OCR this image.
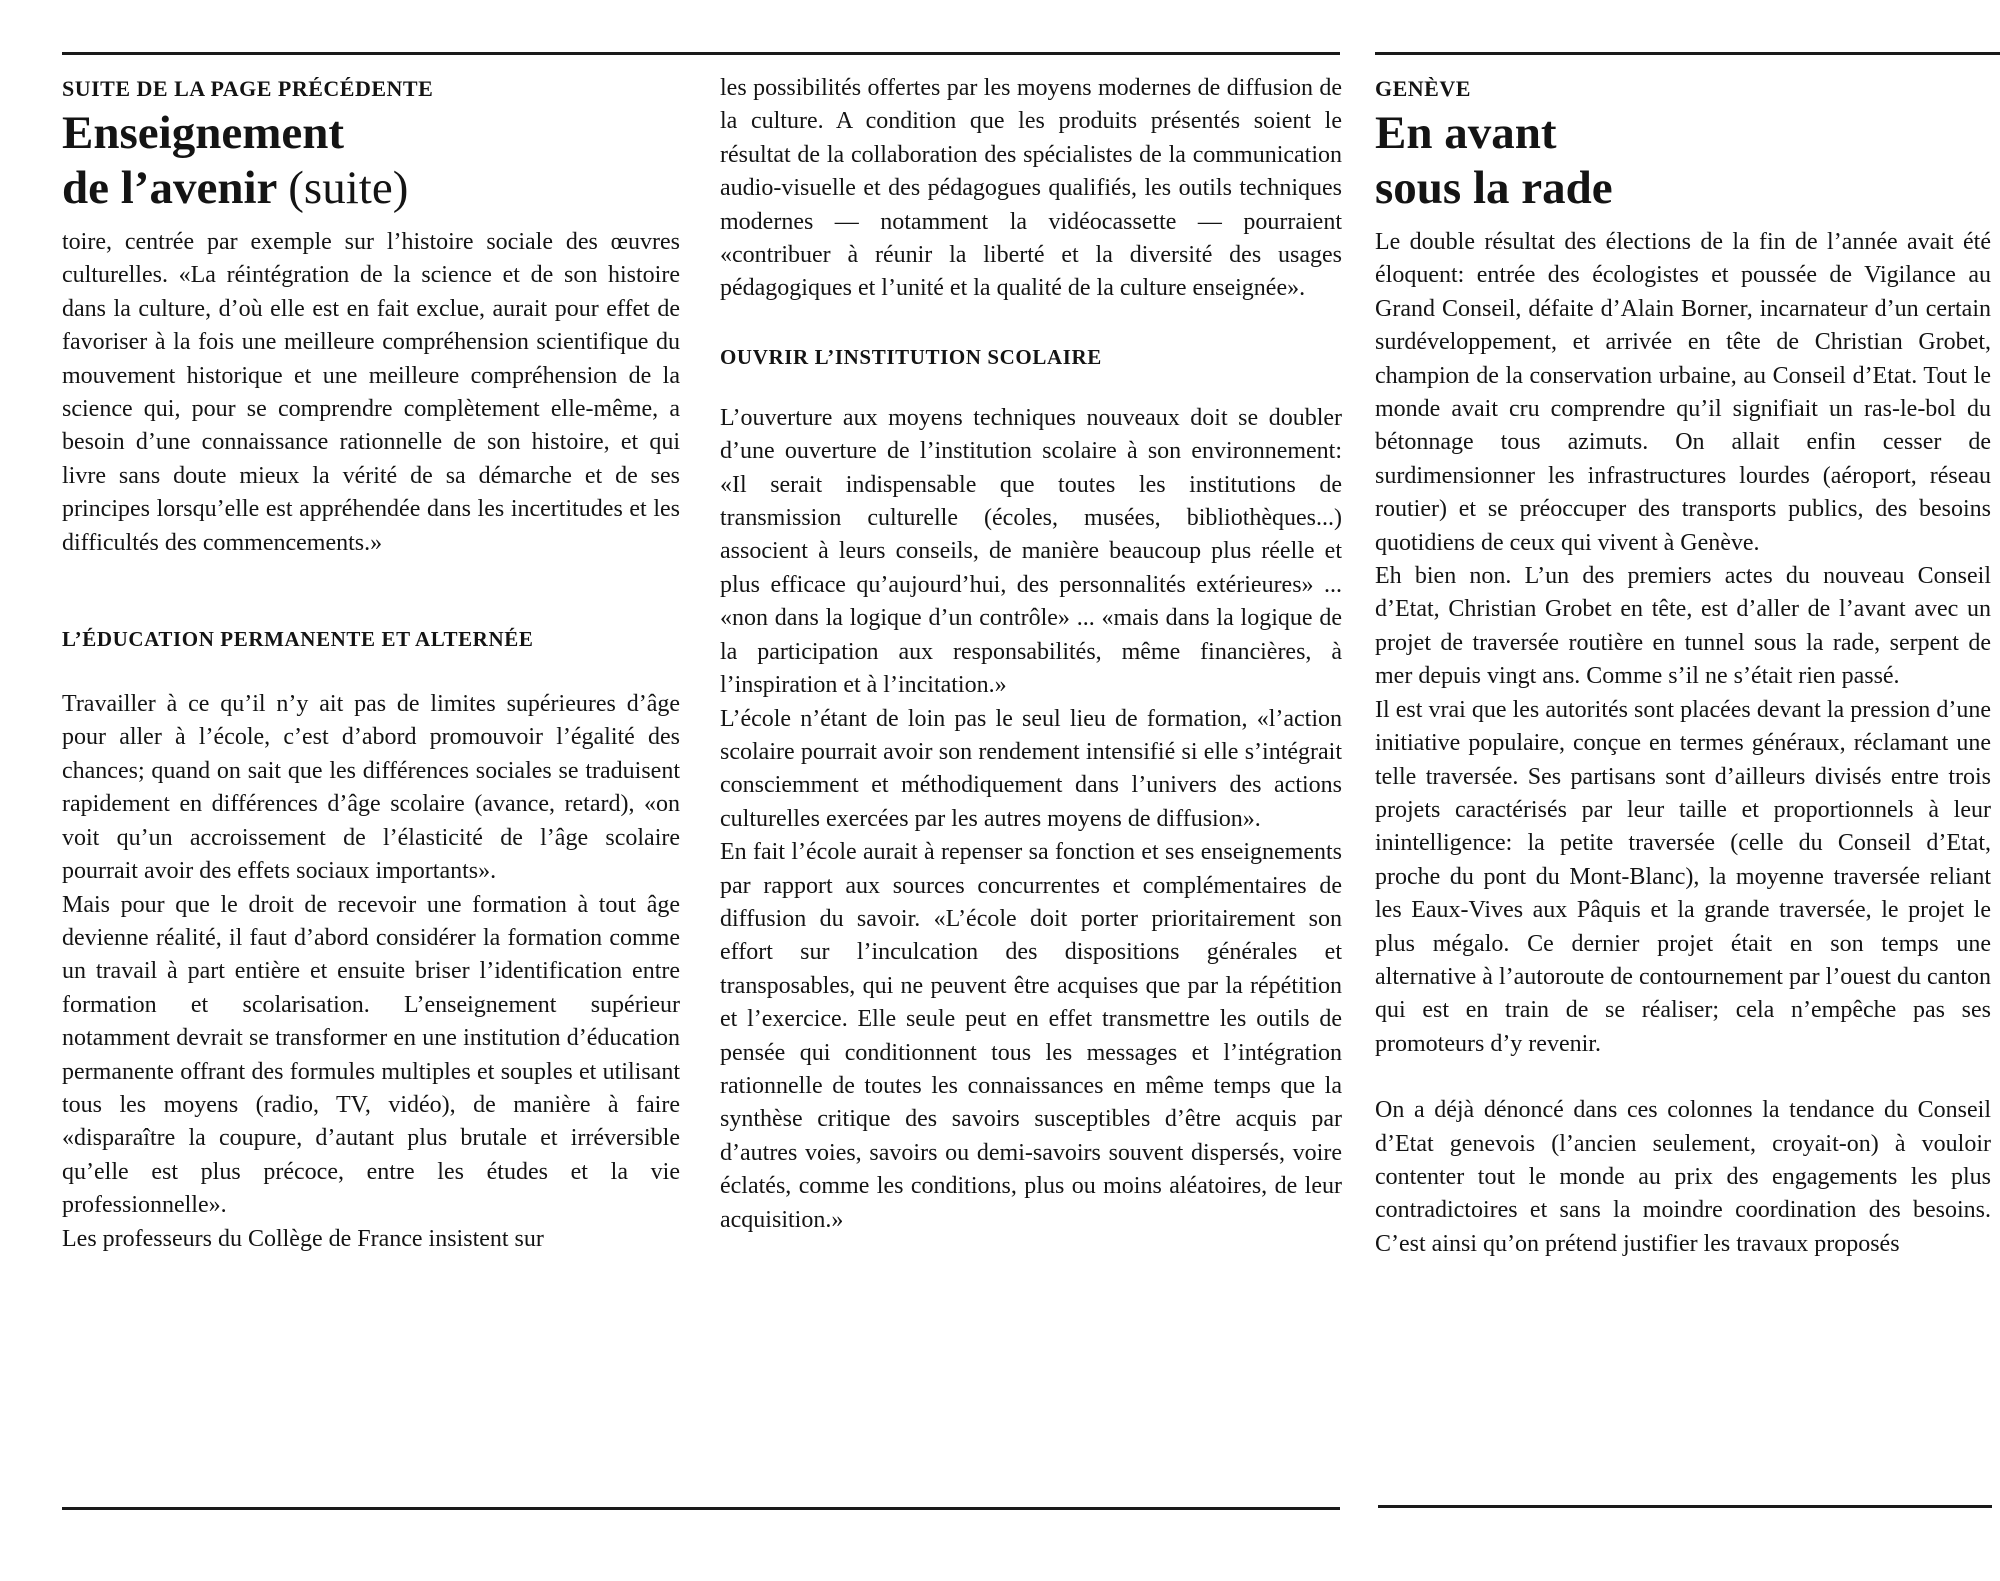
SUITE DE LA PAGE PRÉCÉDENTE

Enseignement
de l’avenir (suite)

toire, centrée par exemple sur l’histoire sociale des œuvres culturelles. «La réintégration de la science et de son histoire dans la culture, d’où elle est en fait exclue, aurait pour effet de favoriser à la fois une meilleure compréhension scientifique du mouvement historique et une meilleure compréhension de la science qui, pour se comprendre complètement elle-même, a besoin d’une connaissance rationnelle de son histoire, et qui livre sans doute mieux la vérité de sa démarche et de ses principes lorsqu’elle est appréhendée dans les incertitudes et les difficultés des commencements.»

L’ÉDUCATION PERMANENTE ET ALTERNÉE

Travailler à ce qu’il n’y ait pas de limites supérieures d’âge pour aller à l’école, c’est d’abord promouvoir l’égalité des chances; quand on sait que les différences sociales se traduisent rapidement en différences d’âge scolaire (avance, retard), «on voit qu’un accroissement de l’élasticité de l’âge scolaire pourrait avoir des effets sociaux importants».

Mais pour que le droit de recevoir une formation à tout âge devienne réalité, il faut d’abord considérer la formation comme un travail à part entière et ensuite briser l’identification entre formation et scolarisation. L’enseignement supérieur notamment devrait se transformer en une institution d’éducation permanente offrant des formules multiples et souples et utilisant tous les moyens (radio, TV, vidéo), de manière à faire «disparaître la coupure, d’autant plus brutale et irréversible qu’elle est plus précoce, entre les études et la vie professionnelle».

Les professeurs du Collège de France insistent sur

les possibilités offertes par les moyens modernes de diffusion de la culture. A condition que les produits présentés soient le résultat de la collaboration des spécialistes de la communication audio-visuelle et des pédagogues qualifiés, les outils techniques modernes — notamment la vidéocassette — pourraient «contribuer à réunir la liberté et la diversité des usages pédagogiques et l’unité et la qualité de la culture enseignée».

OUVRIR L’INSTITUTION SCOLAIRE

L’ouverture aux moyens techniques nouveaux doit se doubler d’une ouverture de l’institution scolaire à son environnement: «Il serait indispensable que toutes les institutions de transmission culturelle (écoles, musées, bibliothèques...) associent à leurs conseils, de manière beaucoup plus réelle et plus efficace qu’aujourd’hui, des personnalités extérieures» ... «non dans la logique d’un contrôle» ... «mais dans la logique de la participation aux responsabilités, même financières, à l’inspiration et à l’incitation.»

L’école n’étant de loin pas le seul lieu de formation, «l’action scolaire pourrait avoir son rendement intensifié si elle s’intégrait consciemment et méthodiquement dans l’univers des actions culturelles exercées par les autres moyens de diffusion».

En fait l’école aurait à repenser sa fonction et ses enseignements par rapport aux sources concurrentes et complémentaires de diffusion du savoir. «L’école doit porter prioritairement son effort sur l’inculcation des dispositions générales et transposables, qui ne peuvent être acquises que par la répétition et l’exercice. Elle seule peut en effet transmettre les outils de pensée qui conditionnent tous les messages et l’intégration rationnelle de toutes les connaissances en même temps que la synthèse critique des savoirs susceptibles d’être acquis par d’autres voies, savoirs ou demi-savoirs souvent dispersés, voire éclatés, comme les conditions, plus ou moins aléatoires, de leur acquisition.»

GENÈVE

En avant
sous la rade

Le double résultat des élections de la fin de l’année avait été éloquent: entrée des écologistes et poussée de Vigilance au Grand Conseil, défaite d’Alain Borner, incarnateur d’un certain surdéveloppement, et arrivée en tête de Christian Grobet, champion de la conservation urbaine, au Conseil d’Etat. Tout le monde avait cru comprendre qu’il signifiait un ras-le-bol du bétonnage tous azimuts. On allait enfin cesser de surdimensionner les infrastructures lourdes (aéroport, réseau routier) et se préoccuper des transports publics, des besoins quotidiens de ceux qui vivent à Genève.

Eh bien non. L’un des premiers actes du nouveau Conseil d’Etat, Christian Grobet en tête, est d’aller de l’avant avec un projet de traversée routière en tunnel sous la rade, serpent de mer depuis vingt ans. Comme s’il ne s’était rien passé.

Il est vrai que les autorités sont placées devant la pression d’une initiative populaire, conçue en termes généraux, réclamant une telle traversée. Ses partisans sont d’ailleurs divisés entre trois projets caractérisés par leur taille et proportionnels à leur inintelligence: la petite traversée (celle du Conseil d’Etat, proche du pont du Mont-Blanc), la moyenne traversée reliant les Eaux-Vives aux Pâquis et la grande traversée, le projet le plus mégalo. Ce dernier projet était en son temps une alternative à l’autoroute de contournement par l’ouest du canton qui est en train de se réaliser; cela n’empêche pas ses promoteurs d’y revenir.

On a déjà dénoncé dans ces colonnes la tendance du Conseil d’Etat genevois (l’ancien seulement, croyait-on) à vouloir contenter tout le monde au prix des engagements les plus contradictoires et sans la moindre coordination des besoins. C’est ainsi qu’on prétend justifier les travaux proposés
